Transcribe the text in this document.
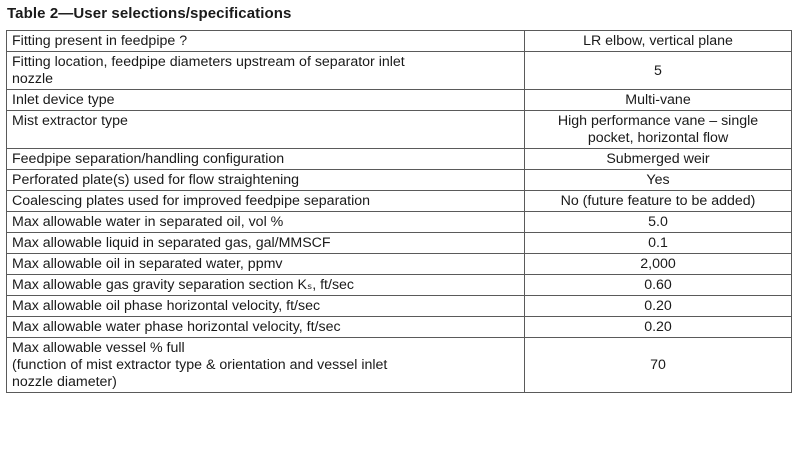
Table 2—User selections/specifications
Fitting present in feedpipe ?	LR elbow, vertical plane
Fitting location, feedpipe diameters upstream of separator inlet
nozzle	5
Inlet device type	Multi-vane
Mist extractor type	High performance vane – single
pocket, horizontal flow
Feedpipe separation/handling configuration	Submerged weir
Perforated plate(s) used for flow straightening	Yes
Coalescing plates used for improved feedpipe separation	No (future feature to be added)
Max allowable water in separated oil, vol %	5.0
Max allowable liquid in separated gas, gal/MMSCF	0.1
Max allowable oil in separated water, ppmv	2,000
Max allowable gas gravity separation section Kₛ, ft/sec	0.60
Max allowable oil phase horizontal velocity, ft/sec	0.20
Max allowable water phase horizontal velocity, ft/sec	0.20
Max allowable vessel % full
(function of mist extractor type & orientation and vessel inlet
nozzle diameter)	70
